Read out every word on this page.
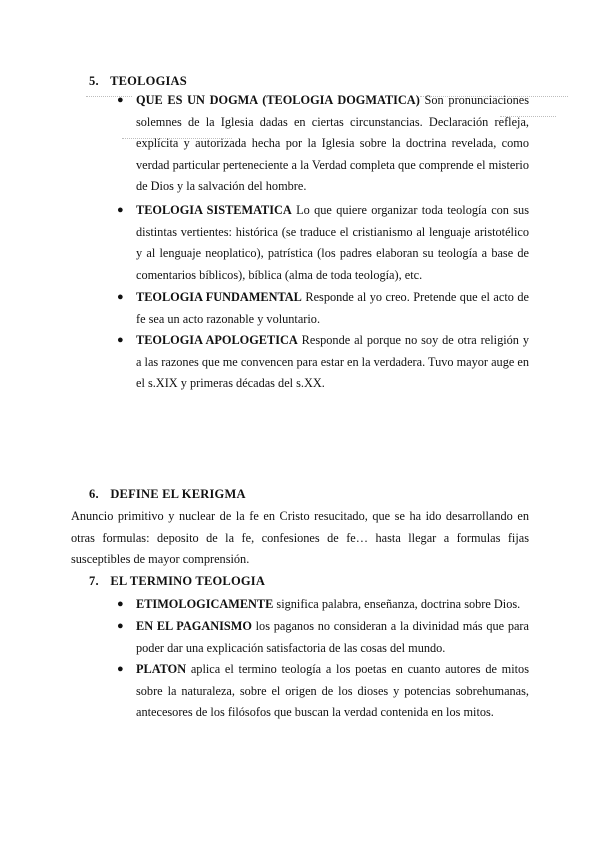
5. TEOLOGIAS
● QUE ES UN DOGMA (TEOLOGIA DOGMATICA) Son pronunciaciones solemnes de la Iglesia dadas en ciertas circunstancias. Declaración refleja, explícita y autorizada hecha por la Iglesia sobre la doctrina revelada, como verdad particular perteneciente a la Verdad completa que comprende el misterio de Dios y la salvación del hombre.
● TEOLOGIA SISTEMATICA Lo que quiere organizar toda teología con sus distintas vertientes: histórica (se traduce el cristianismo al lenguaje aristotélico y al lenguaje neoplatico), patrística (los padres elaboran su teología a base de comentarios bíblicos), bíblica (alma de toda teología), etc.
● TEOLOGIA FUNDAMENTAL Responde al yo creo. Pretende que el acto de fe sea un acto razonable y voluntario.
● TEOLOGIA APOLOGETICA Responde al porque no soy de otra religión y a las razones que me convencen para estar en la verdadera. Tuvo mayor auge en el s.XIX y primeras décadas del s.XX.
6. DEFINE EL KERIGMA
Anuncio primitivo y nuclear de la fe en Cristo resucitado, que se ha ido desarrollando en otras formulas: deposito de la fe, confesiones de fe… hasta llegar a formulas fijas susceptibles de mayor comprensión.
7. EL TERMINO TEOLOGIA
● ETIMOLOGICAMENTE significa palabra, enseñanza, doctrina sobre Dios.
● EN EL PAGANISMO los paganos no consideran a la divinidad más que para poder dar una explicación satisfactoria de las cosas del mundo.
● PLATON aplica el termino teología a los poetas en cuanto autores de mitos sobre la naturaleza, sobre el origen de los dioses y potencias sobrehumanas, antecesores de los filósofos que buscan la verdad contenida en los mitos.
